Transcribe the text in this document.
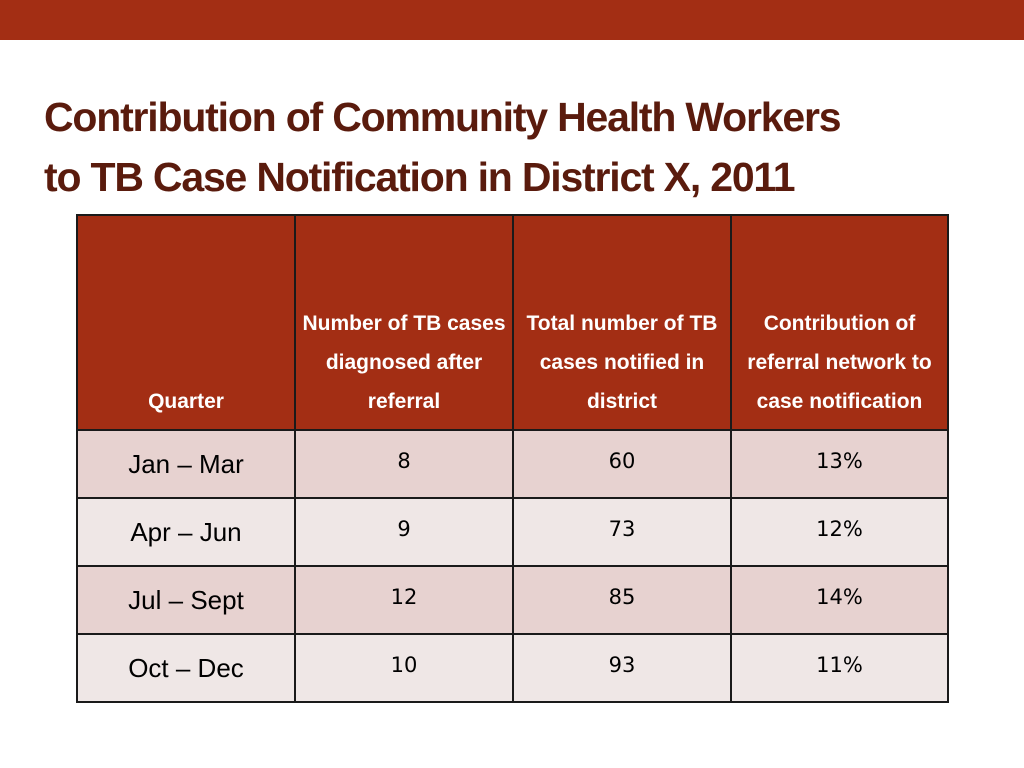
Contribution of Community Health Workers
to TB Case Notification in District X, 2011
Quarter	Number of TB cases diagnosed after referral	Total number of TB cases notified in district	Contribution of referral network to case notification
Jan – Mar	8	60	13%
Apr – Jun	9	73	12%
Jul – Sept	12	85	14%
Oct – Dec	10	93	11%
